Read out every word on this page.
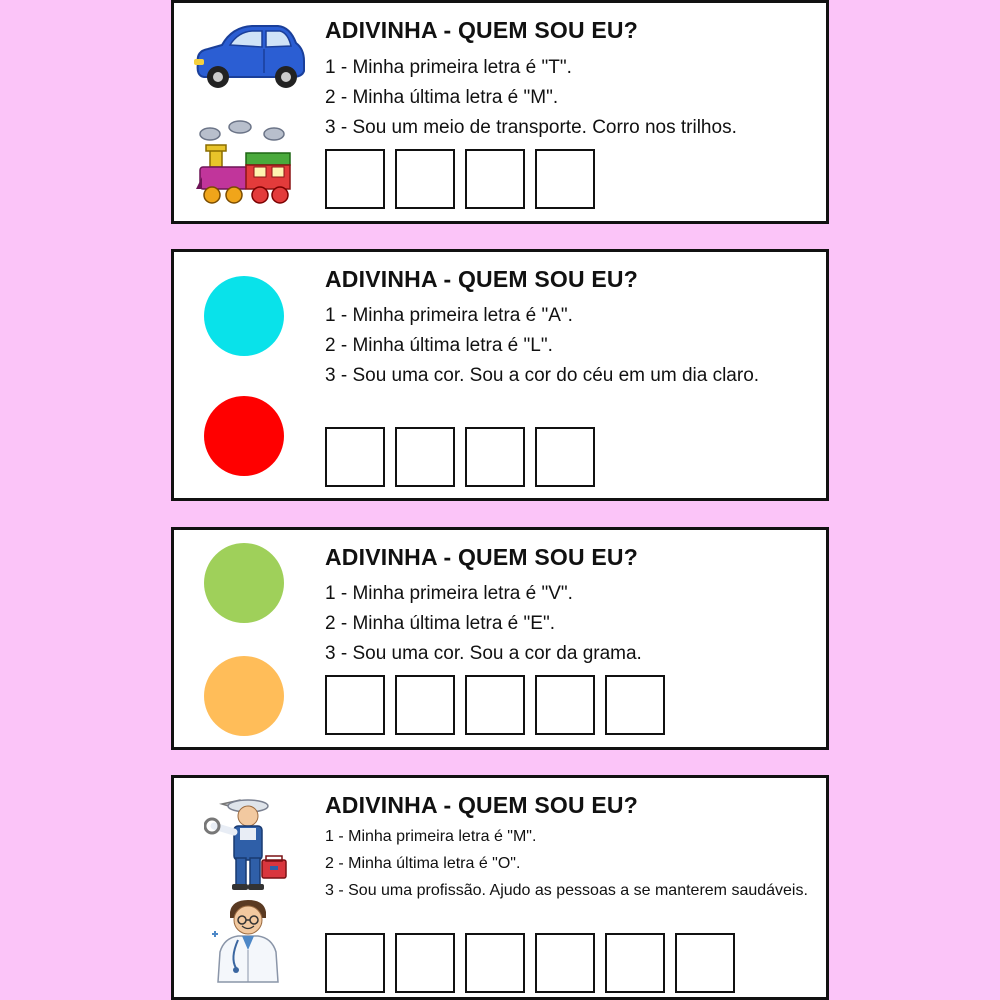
ADIVINHA - QUEM SOU EU?
1 - Minha primeira letra é "T".
2 - Minha última letra é "M".
3 - Sou um meio de transporte. Corro nos trilhos.
ADIVINHA - QUEM SOU EU?
1 - Minha primeira letra é "A".
2 - Minha última letra é "L".
3 - Sou uma cor. Sou a cor do céu em um dia claro.
ADIVINHA - QUEM SOU EU?
1 - Minha primeira letra é "V".
2 - Minha última letra é "E".
3 - Sou uma cor. Sou a cor da grama.
ADIVINHA - QUEM SOU EU?
1 - Minha primeira letra é "M".
2 - Minha última letra é "O".
3 - Sou uma profissão. Ajudo as pessoas a se manterem saudáveis.
